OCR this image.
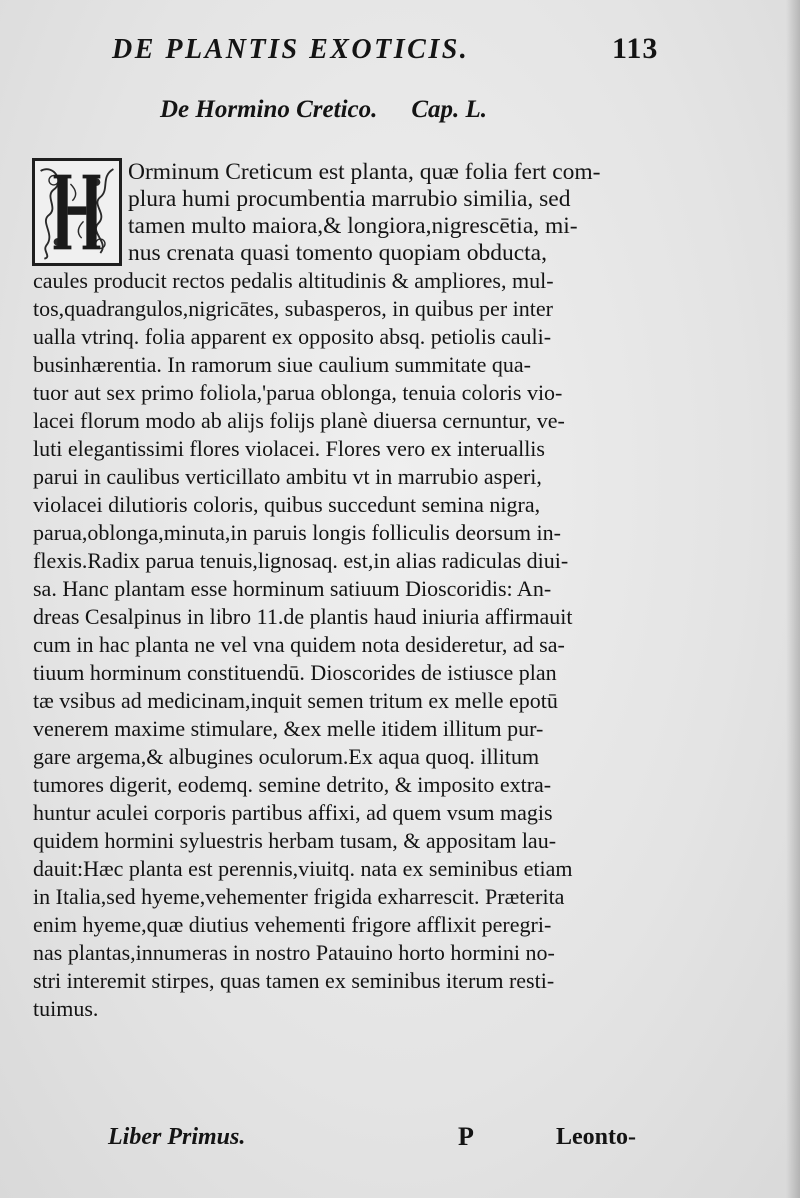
DE PLANTIS EXOTICIS.	113
De Hormino Cretico. Cap. L.
Orminum Creticum est planta, quæ folia fert com-
plura humi procumbentia marrubio similia, sed
tamen multo maiora,& longiora,nigrescētia, mi-
nus crenata quasi tomento quopiam obducta,
caules producit rectos pedalis altitudinis & ampliores, mul-
tos,quadrangulos,nigricātes, subasperos, in quibus per inter
ualla vtrinq. folia apparent ex opposito absq. petiolis cauli-
businhærentia. In ramorum siue caulium summitate qua-
tuor aut sex primo foliola,'parua oblonga, tenuia coloris vio-
lacei florum modo ab alijs folijs planè diuersa cernuntur, ve-
luti elegantissimi flores violacei. Flores vero ex interuallis
parui in caulibus verticillato ambitu vt in marrubio asperi,
violacei dilutioris coloris, quibus succedunt semina nigra,
parua,oblonga,minuta,in paruis longis folliculis deorsum in-
flexis.Radix parua tenuis,lignosaq. est,in alias radiculas diui-
sa. Hanc plantam esse horminum satiuum Dioscoridis: An-
dreas Cesalpinus in libro 11.de plantis haud iniuria affirmauit
cum in hac planta ne vel vna quidem nota desideretur, ad sa-
tiuum horminum constituendū. Dioscorides de istiusce plan
tæ vsibus ad medicinam,inquit semen tritum ex melle epotū
venerem maxime stimulare, &ex melle itidem illitum pur-
gare argema,& albugines oculorum.Ex aqua quoq. illitum
tumores digerit, eodemq. semine detrito, & imposito extra-
huntur aculei corporis partibus affixi, ad quem vsum magis
quidem hormini syluestris herbam tusam, & appositam lau-
dauit:Hæc planta est perennis,viuitq. nata ex seminibus etiam
in Italia,sed hyeme,vehementer frigida exharrescit. Præterita
enim hyeme,quæ diutius vehementi frigore afflixit peregri-
nas plantas,innumeras in nostro Patauino horto hormini no-
stri interemit stirpes, quas tamen ex seminibus iterum resti-
tuimus.
Liber Primus.	P	Leonto-
